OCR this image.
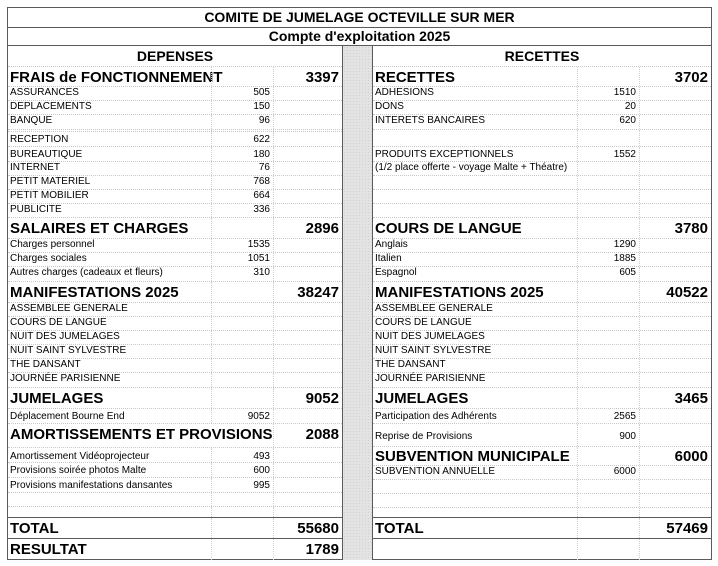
COMITE DE JUMELAGE OCTEVILLE SUR MER
Compte d'exploitation 2025
DEPENSES
FRAIS de FONCTIONNEMENT	3397
ASSURANCES	505
DEPLACEMENTS	150
BANQUE	96
RECEPTION	622
BUREAUTIQUE	180
INTERNET	76
PETIT MATERIEL	768
PETIT MOBILIER	664
PUBLICITE	336
SALAIRES ET CHARGES	2896
Charges personnel	1535
Charges sociales	1051
Autres charges (cadeaux et fleurs)	310
MANIFESTATIONS 2025	38247
ASSEMBLEE GENERALE
COURS DE LANGUE
NUIT DES JUMELAGES
NUIT SAINT SYLVESTRE
THE DANSANT
JOURNÉE PARISIENNE
JUMELAGES	9052
Déplacement Bourne End	9052
AMORTISSEMENTS ET PROVISIONS	2088
Amortissement Vidéoprojecteur	493
Provisions soirée photos Malte	600
Provisions manifestations dansantes	995
TOTAL	55680
RESULTAT	1789
RECETTES
RECETTES	3702
ADHESIONS	1510
DONS	20
INTERETS BANCAIRES	620
PRODUITS EXCEPTIONNELS	1552
(1/2 place offerte - voyage Malte + Théatre)
COURS DE LANGUE	3780
Anglais	1290
Italien	1885
Espagnol	605
MANIFESTATIONS 2025	40522
ASSEMBLEE GENERALE
COURS DE LANGUE
NUIT DES JUMELAGES
NUIT SAINT SYLVESTRE
THE DANSANT
JOURNÉE PARISIENNE
JUMELAGES	3465
Participation des Adhérents	2565
Reprise de Provisions	900
SUBVENTION MUNICIPALE	6000
SUBVENTION ANNUELLE	6000
TOTAL	57469
